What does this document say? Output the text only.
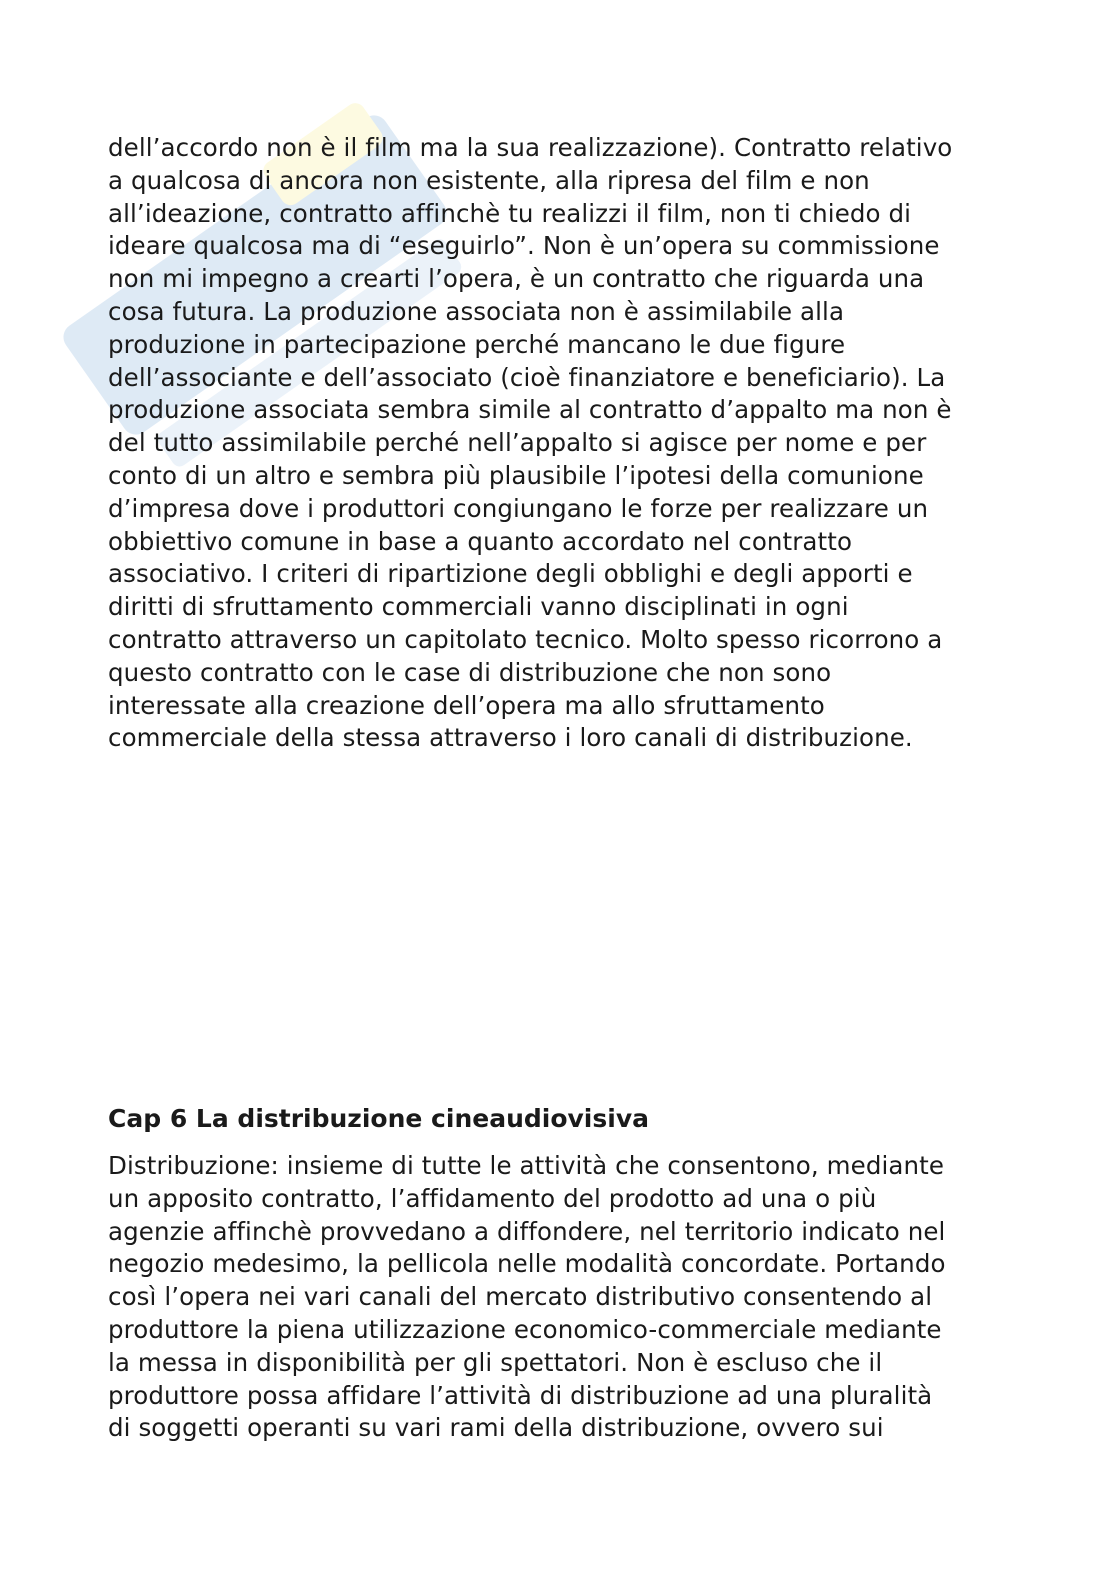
dell’accordo non è il film ma la sua realizzazione). Contratto relativo
a qualcosa di ancora non esistente, alla ripresa del film e non
all’ideazione, contratto affinchè tu realizzi il film, non ti chiedo di
ideare qualcosa ma di “eseguirlo”. Non è un’opera su commissione
non mi impegno a crearti l’opera, è un contratto che riguarda una
cosa futura. La produzione associata non è assimilabile alla
produzione in partecipazione perché mancano le due figure
dell’associante e dell’associato (cioè finanziatore e beneficiario). La
produzione associata sembra simile al contratto d’appalto ma non è
del tutto assimilabile perché nell’appalto si agisce per nome e per
conto di un altro e sembra più plausibile l’ipotesi della comunione
d’impresa dove i produttori congiungano le forze per realizzare un
obbiettivo comune in base a quanto accordato nel contratto
associativo. I criteri di ripartizione degli obblighi e degli apporti e
diritti di sfruttamento commerciali vanno disciplinati in ogni
contratto attraverso un capitolato tecnico. Molto spesso ricorrono a
questo contratto con le case di distribuzione che non sono
interessate alla creazione dell’opera ma allo sfruttamento
commerciale della stessa attraverso i loro canali di distribuzione.
Cap 6 La distribuzione cineaudiovisiva
Distribuzione: insieme di tutte le attività che consentono, mediante
un apposito contratto, l’affidamento del prodotto ad una o più
agenzie affinchè provvedano a diffondere, nel territorio indicato nel
negozio medesimo, la pellicola nelle modalità concordate. Portando
così l’opera nei vari canali del mercato distributivo consentendo al
produttore la piena utilizzazione economico-commerciale mediante
la messa in disponibilità per gli spettatori. Non è escluso che il
produttore possa affidare l’attività di distribuzione ad una pluralità
di soggetti operanti su vari rami della distribuzione, ovvero sui
